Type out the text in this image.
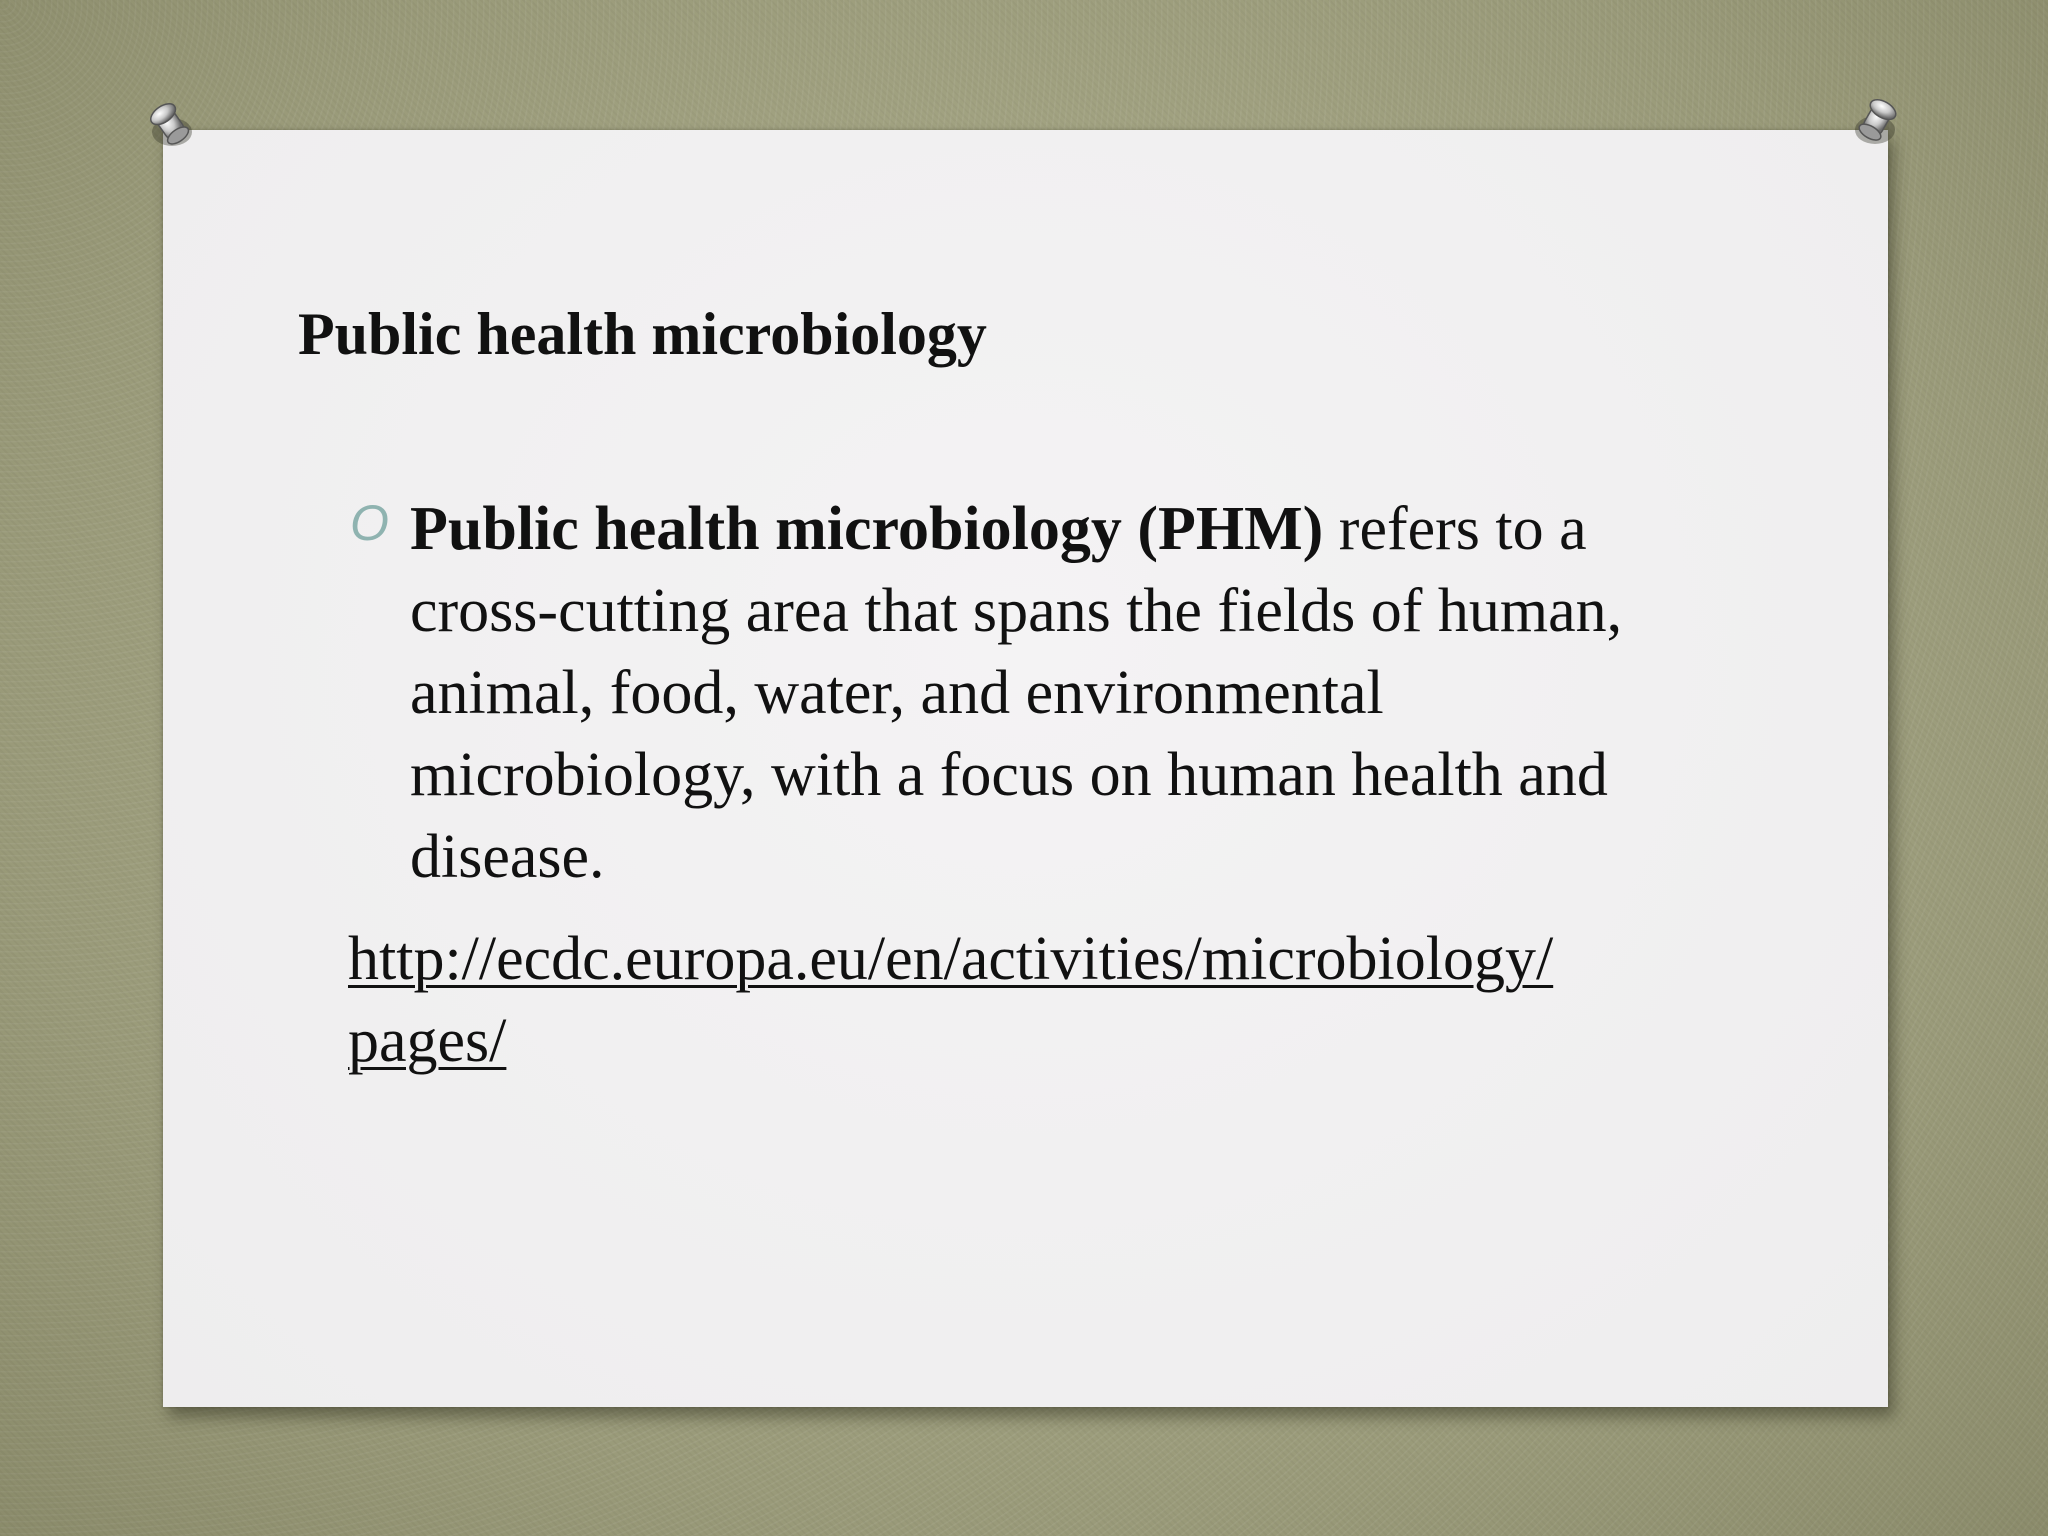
Public health microbiology
O Public health microbiology (PHM) refers to a cross-cutting area that spans the fields of human, animal, food, water, and environmental microbiology, with a focus on human health and disease.

http://ecdc.europa.eu/en/activities/microbiology/
pages/
